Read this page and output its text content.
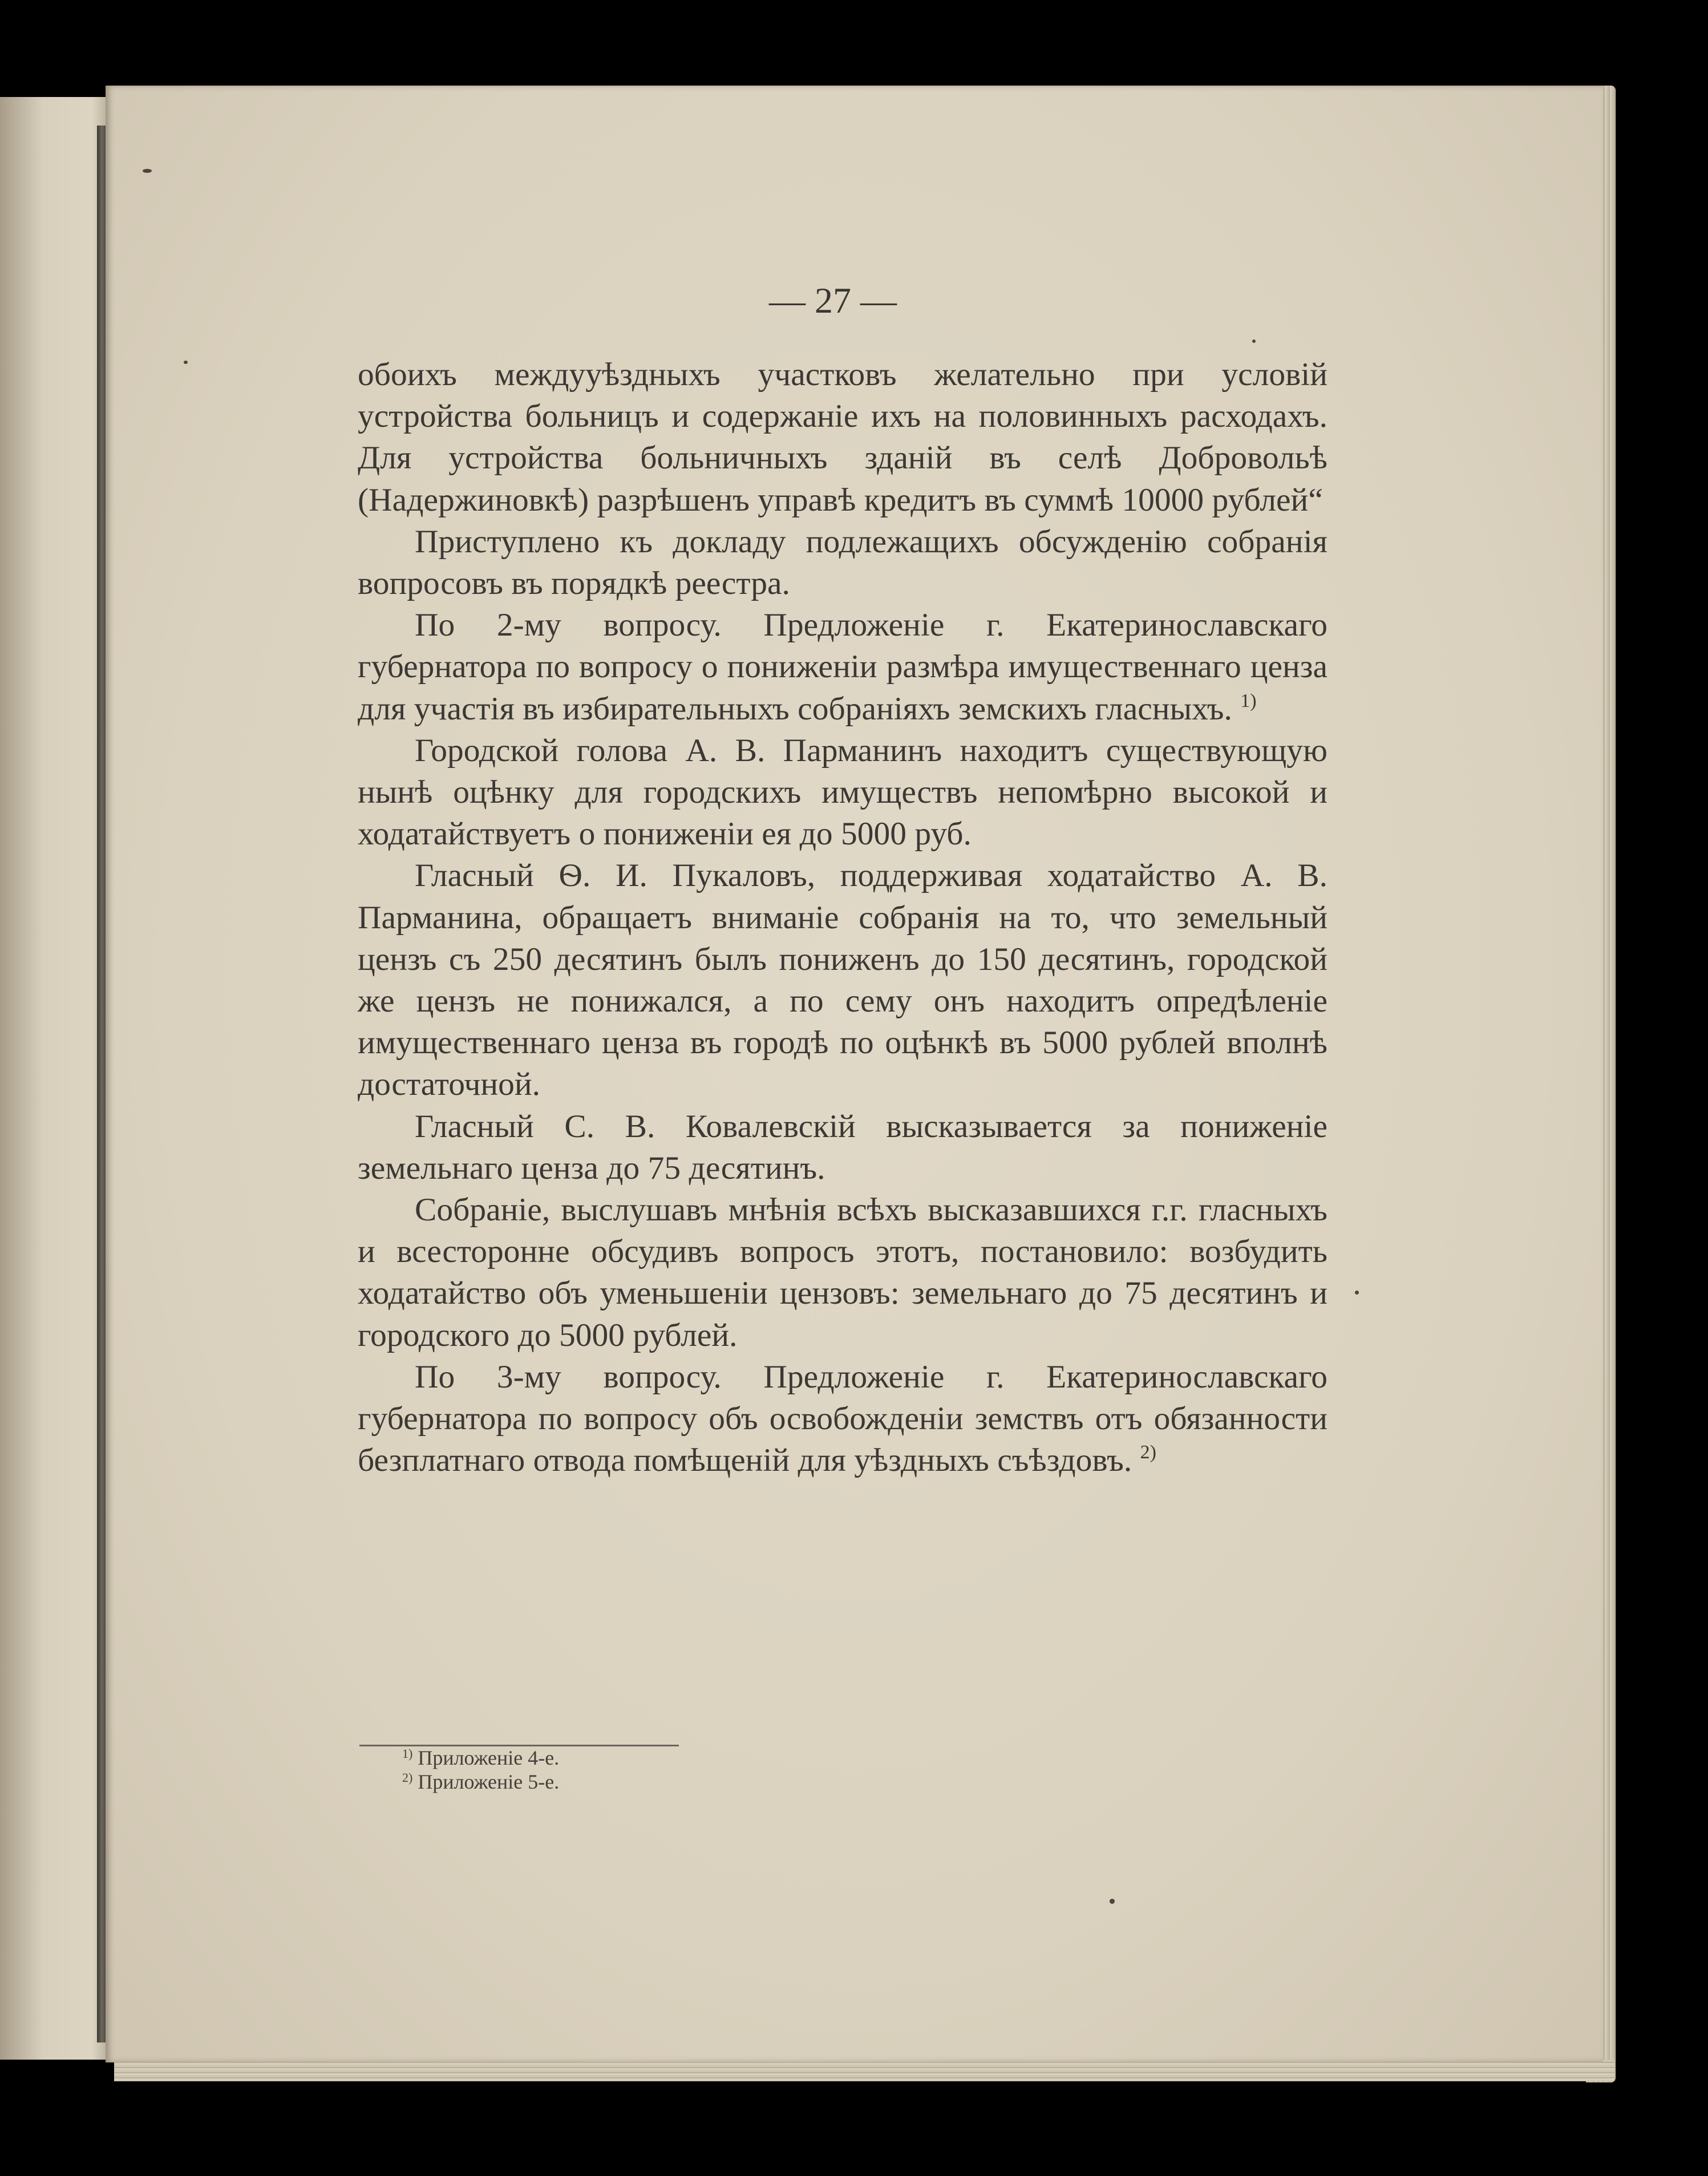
— 27 —

обоихъ междууѣздныхъ участковъ желательно при условій устройства больницъ и содержаніе ихъ на половинныхъ расходахъ. Для устройства больничныхъ зданій въ селѣ Добровольѣ (Надержиновкѣ) разрѣшенъ управѣ кредитъ въ суммѣ 10000 рублей“

Приступлено къ докладу подлежащихъ обсужденію собранія вопросовъ въ порядкѣ реестра.

По 2-му вопросу. Предложеніе г. Екатеринославскаго губернатора по вопросу о пониженіи размѣра имущественнаго ценза для участія въ избирательныхъ собраніяхъ земскихъ гласныхъ. $^{1)}$

Городской голова А. В. Парманинъ находитъ существующую нынѣ оцѣнку для городскихъ имуществъ непомѣрно высокой и ходатайствуетъ о пониженіи ея до 5000 руб.

Гласный Ѳ. И. Пукаловъ, поддерживая ходатайство А. В. Парманина, обращаетъ вниманіе собранія на то, что земельный цензъ съ 250 десятинъ былъ пониженъ до 150 десятинъ, городской же цензъ не понижался, а по сему онъ находитъ опредѣленіе имущественнаго ценза въ городѣ по оцѣнкѣ въ 5000 рублей вполнѣ достаточной.

Гласный С. В. Ковалевскій высказывается за пониженіе земельнаго ценза до 75 десятинъ.

Собраніе, выслушавъ мнѣнія всѣхъ высказавшихся г.г. гласныхъ и всесторонне обсудивъ вопросъ этотъ, постановило: возбудить ходатайство объ уменьшеніи цензовъ: земельнаго до 75 десятинъ и городского до 5000 рублей.

По 3-му вопросу. Предложеніе г. Екатеринославскаго губернатора по вопросу объ освобожденіи земствъ отъ обязанности безплатнаго отвода помѣщеній для уѣздныхъ съѣздовъ. $^{2)}$

$^{1)}$ Приложеніе 4-е.
$^{2)}$ Приложеніе 5-е.
